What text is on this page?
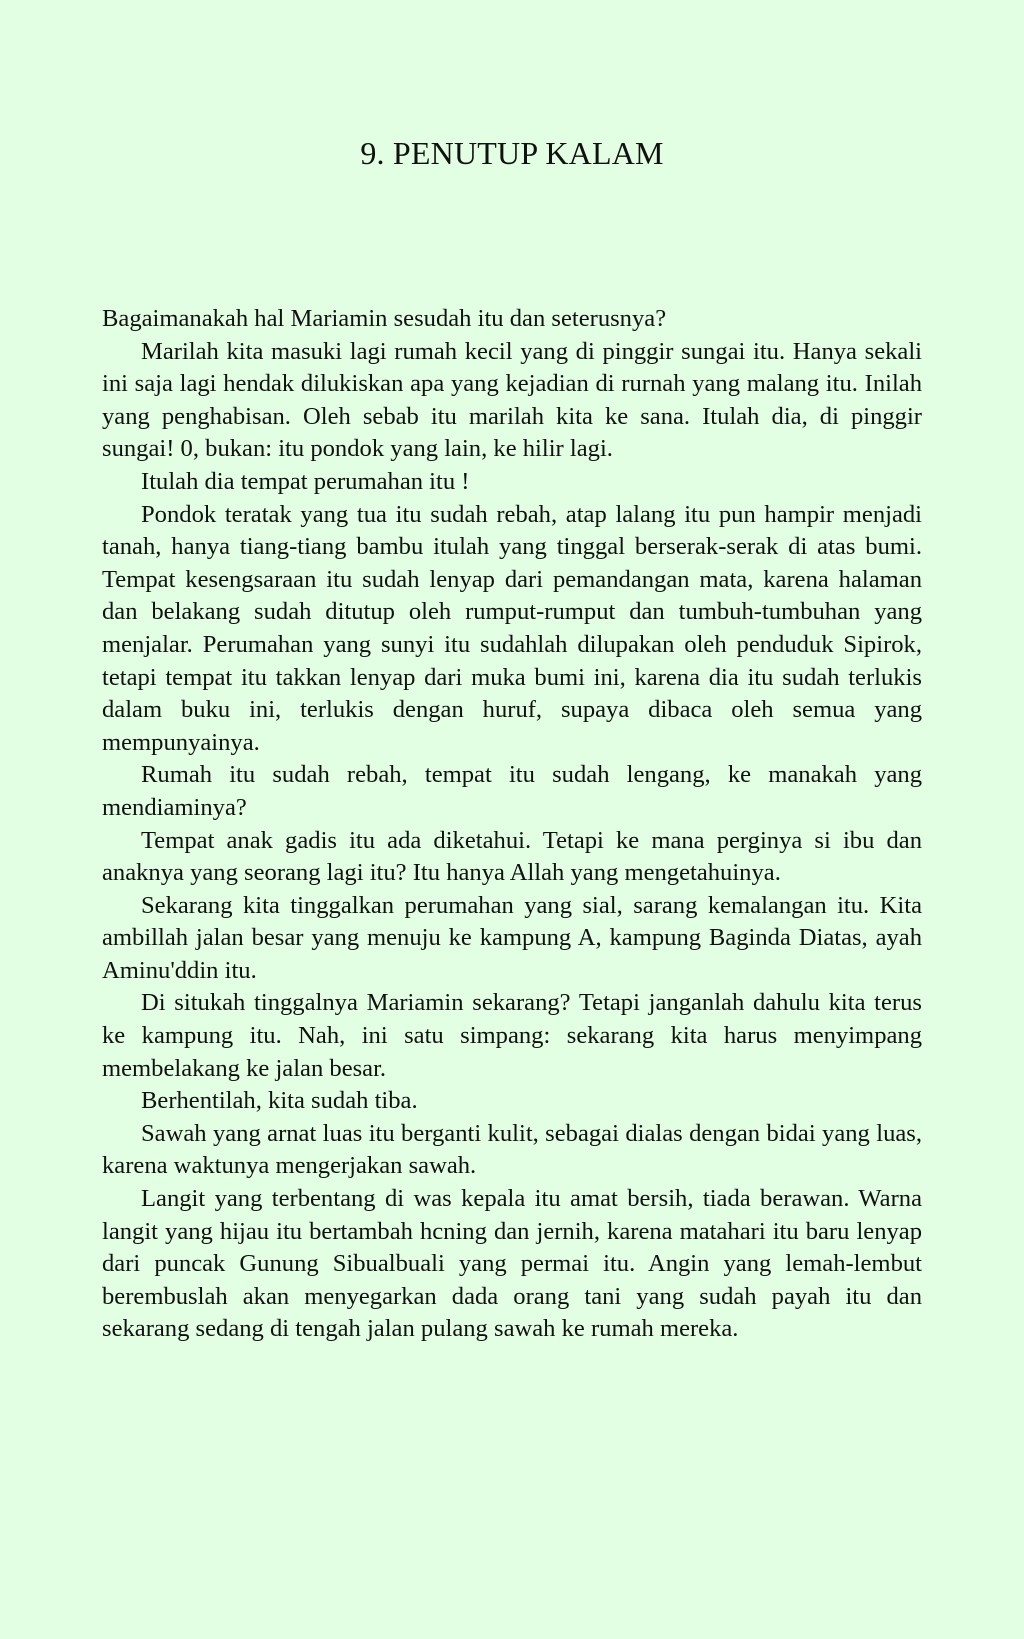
9. PENUTUP KALAM

Bagaimanakah hal Mariamin sesudah itu dan seterusnya?

Marilah kita masuki lagi rumah kecil yang di pinggir sungai itu. Hanya sekali ini saja lagi hendak dilukiskan apa yang kejadian di rurnah yang malang itu. Inilah yang penghabisan. Oleh sebab itu marilah kita ke sana. Itulah dia, di pinggir sungai! 0, bukan: itu pondok yang lain, ke hilir lagi.

Itulah dia tempat perumahan itu !

Pondok teratak yang tua itu sudah rebah, atap lalang itu pun hampir menjadi tanah, hanya tiang-tiang bambu itulah yang tinggal berserak-serak di atas bumi. Tempat kesengsaraan itu sudah lenyap dari pemandangan mata, karena halaman dan belakang sudah ditutup oleh rumput-rumput dan tumbuh-tumbuhan yang menjalar. Perumahan yang sunyi itu sudahlah dilupakan oleh penduduk Sipirok, tetapi tempat itu takkan lenyap dari muka bumi ini, karena dia itu sudah terlukis dalam buku ini, terlukis dengan huruf, supaya dibaca oleh semua yang mempunyainya.

Rumah itu sudah rebah, tempat itu sudah lengang, ke manakah yang mendiaminya?

Tempat anak gadis itu ada diketahui. Tetapi ke mana perginya si ibu dan anaknya yang seorang lagi itu? Itu hanya Allah yang mengetahuinya.

Sekarang kita tinggalkan perumahan yang sial, sarang kemalangan itu. Kita ambillah jalan besar yang menuju ke kampung A, kampung Baginda Diatas, ayah Aminu'ddin itu.

Di situkah tinggalnya Mariamin sekarang? Tetapi janganlah dahulu kita terus ke kampung itu. Nah, ini satu simpang: sekarang kita harus menyimpang membelakang ke jalan besar.

Berhentilah, kita sudah tiba.

Sawah yang arnat luas itu berganti kulit, sebagai dialas dengan bidai yang luas, karena waktunya mengerjakan sawah.

Langit yang terbentang di was kepala itu amat bersih, tiada berawan. Warna langit yang hijau itu bertambah hcning dan jernih, karena matahari itu baru lenyap dari puncak Gunung Sibualbuali yang permai itu. Angin yang lemah-lembut berembuslah akan menyegarkan dada orang tani yang sudah payah itu dan sekarang sedang di tengah jalan pulang sawah ke rumah mereka.
